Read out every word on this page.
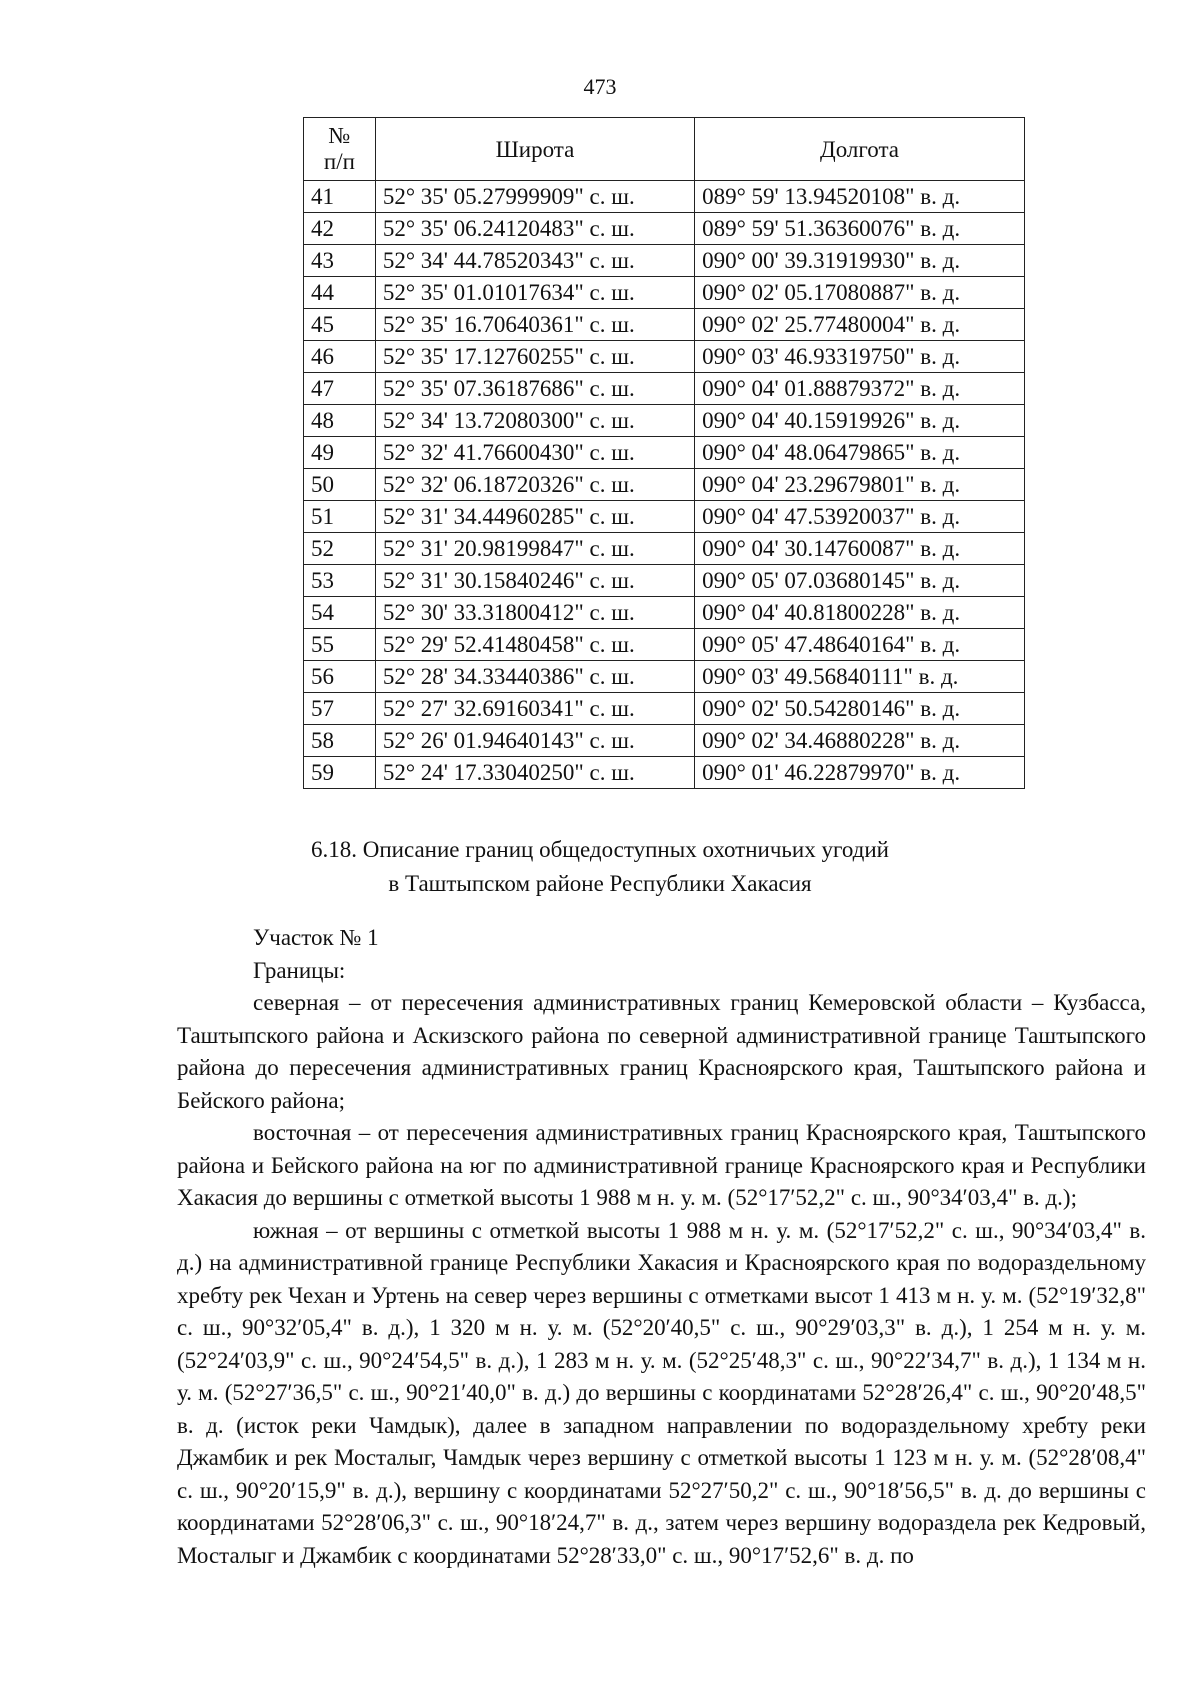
473
№
п/п	Широта	Долгота
41	52° 35' 05.27999909" с. ш.	089° 59' 13.94520108" в. д.
42	52° 35' 06.24120483" с. ш.	089° 59' 51.36360076" в. д.
43	52° 34' 44.78520343" с. ш.	090° 00' 39.31919930" в. д.
44	52° 35' 01.01017634" с. ш.	090° 02' 05.17080887" в. д.
45	52° 35' 16.70640361" с. ш.	090° 02' 25.77480004" в. д.
46	52° 35' 17.12760255" с. ш.	090° 03' 46.93319750" в. д.
47	52° 35' 07.36187686" с. ш.	090° 04' 01.88879372" в. д.
48	52° 34' 13.72080300" с. ш.	090° 04' 40.15919926" в. д.
49	52° 32' 41.76600430" с. ш.	090° 04' 48.06479865" в. д.
50	52° 32' 06.18720326" с. ш.	090° 04' 23.29679801" в. д.
51	52° 31' 34.44960285" с. ш.	090° 04' 47.53920037" в. д.
52	52° 31' 20.98199847" с. ш.	090° 04' 30.14760087" в. д.
53	52° 31' 30.15840246" с. ш.	090° 05' 07.03680145" в. д.
54	52° 30' 33.31800412" с. ш.	090° 04' 40.81800228" в. д.
55	52° 29' 52.41480458" с. ш.	090° 05' 47.48640164" в. д.
56	52° 28' 34.33440386" с. ш.	090° 03' 49.56840111" в. д.
57	52° 27' 32.69160341" с. ш.	090° 02' 50.54280146" в. д.
58	52° 26' 01.94640143" с. ш.	090° 02' 34.46880228" в. д.
59	52° 24' 17.33040250" с. ш.	090° 01' 46.22879970" в. д.
6.18. Описание границ общедоступных охотничьих угодий
в Таштыпском районе Республики Хакасия

Участок № 1

Границы:

северная – от пересечения административных границ Кемеровской области – Кузбасса, Таштыпского района и Аскизского района по северной административной границе Таштыпского района до пересечения административных границ Красноярского края, Таштыпского района и Бейского района;

восточная – от пересечения административных границ Красноярского края, Таштыпского района и Бейского района на юг по административной границе Красноярского края и Республики Хакасия до вершины с отметкой высоты 1 988 м н. у. м. (52°17′52,2" с. ш., 90°34′03,4" в. д.);

южная – от вершины с отметкой высоты 1 988 м н. у. м. (52°17′52,2" с. ш., 90°34′03,4" в. д.) на административной границе Республики Хакасия и Красноярского края по водораздельному хребту рек Чехан и Уртень на север через вершины с отметками высот 1 413 м н. у. м. (52°19′32,8" с. ш., 90°32′05,4" в. д.), 1 320 м н. у. м. (52°20′40,5" с. ш., 90°29′03,3" в. д.), 1 254 м н. у. м. (52°24′03,9" с. ш., 90°24′54,5" в. д.), 1 283 м н. у. м. (52°25′48,3" с. ш., 90°22′34,7" в. д.), 1 134 м н. у. м. (52°27′36,5" с. ш., 90°21′40,0" в. д.) до вершины с координатами 52°28′26,4" с. ш., 90°20′48,5" в. д. (исток реки Чамдык), далее в западном направлении по водораздельному хребту реки Джамбик и рек Мосталыг, Чамдык через вершину с отметкой высоты 1 123 м н. у. м. (52°28′08,4" с. ш., 90°20′15,9" в. д.), вершину с координатами 52°27′50,2" с. ш., 90°18′56,5" в. д. до вершины с координатами 52°28′06,3" с. ш., 90°18′24,7" в. д., затем через вершину водораздела рек Кедровый, Мосталыг и Джамбик с координатами 52°28′33,0" с. ш., 90°17′52,6" в. д. по
